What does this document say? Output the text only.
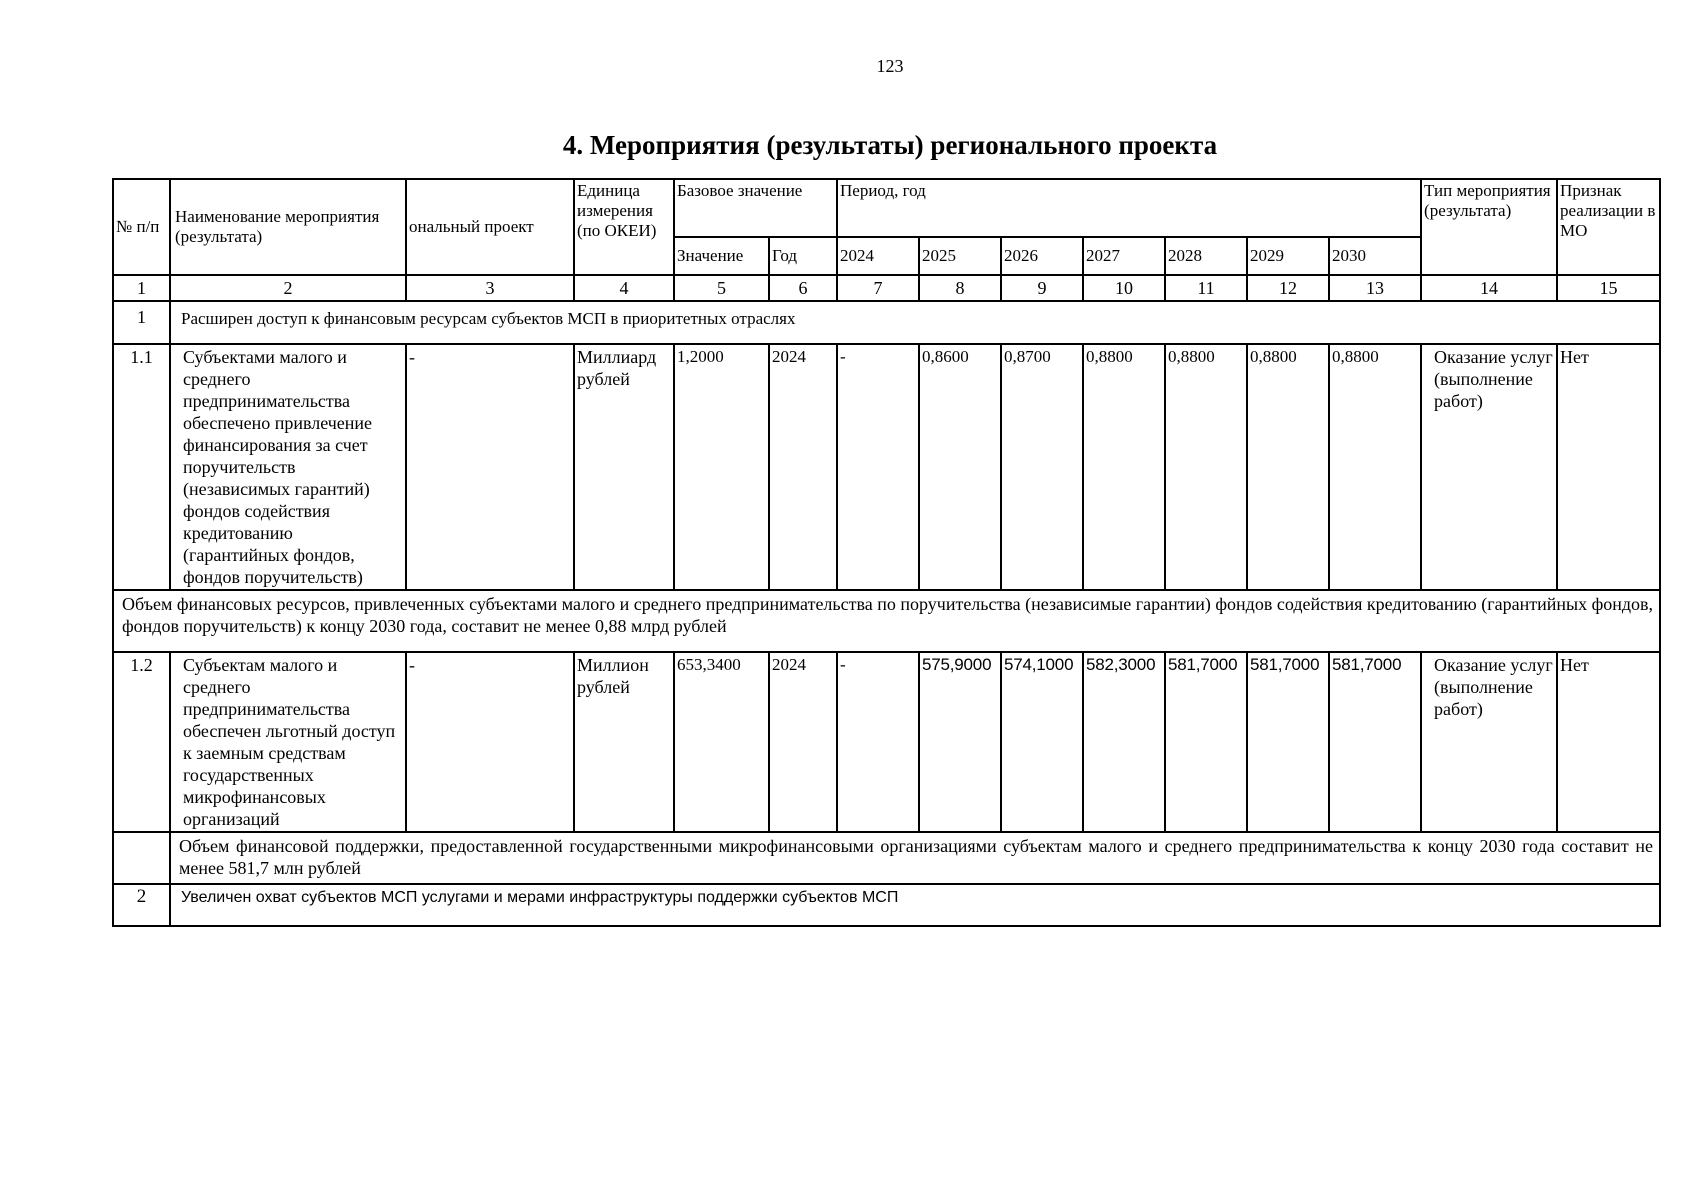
123
4. Мероприятия (результаты) регионального проекта
№ п/п	Наименование мероприятия (результата)	ональный проект	Единица измерения (по ОКЕИ)	Базовое значение		Период, год							Тип мероприятия (результата)	Признак реализации в МО
				Значение	Год	2024	2025	2026	2027	2028	2029	2030		
1	2	3	4	5	6	7	8	9	10	11	12	13	14	15
1	Расширен доступ к финансовым ресурсам субъектов МСП в приоритетных отраслях													
1.1	Субъектами малого и среднего предпринимательства обеспечено привлечение финансирования за счет поручительств (независимых гарантий) фондов содействия кредитованию (гарантийных фондов, фондов поручительств)	-	Миллиард рублей	1,2000	2024	-	0,8600	0,8700	0,8800	0,8800	0,8800	0,8800	Оказание услуг (выполнение работ)	Нет
Объем финансовых ресурсов, привлеченных субъектами малого и среднего предпринимательства по поручительства (независимые гарантии) фондов содействия кредитованию (гарантийных фондов, фондов поручительств) к концу 2030 года, составит не менее 0,88 млрд рублей														
1.2	Субъектам малого и среднего предпринимательства обеспечен льготный доступ к заемным средствам государственных микрофинансовых организаций	-	Миллион рублей	653,3400	2024	-	575,9000	574,1000	582,3000	581,7000	581,7000	581,7000	Оказание услуг (выполнение работ)	Нет
	Объем финансовой поддержки, предоставленной государственными микрофинансовыми организациями субъектам малого и среднего предпринимательства к концу 2030 года составит не менее 581,7 млн рублей													
2	Увеличен охват субъектов МСП услугами и мерами инфраструктуры поддержки субъектов МСП													
